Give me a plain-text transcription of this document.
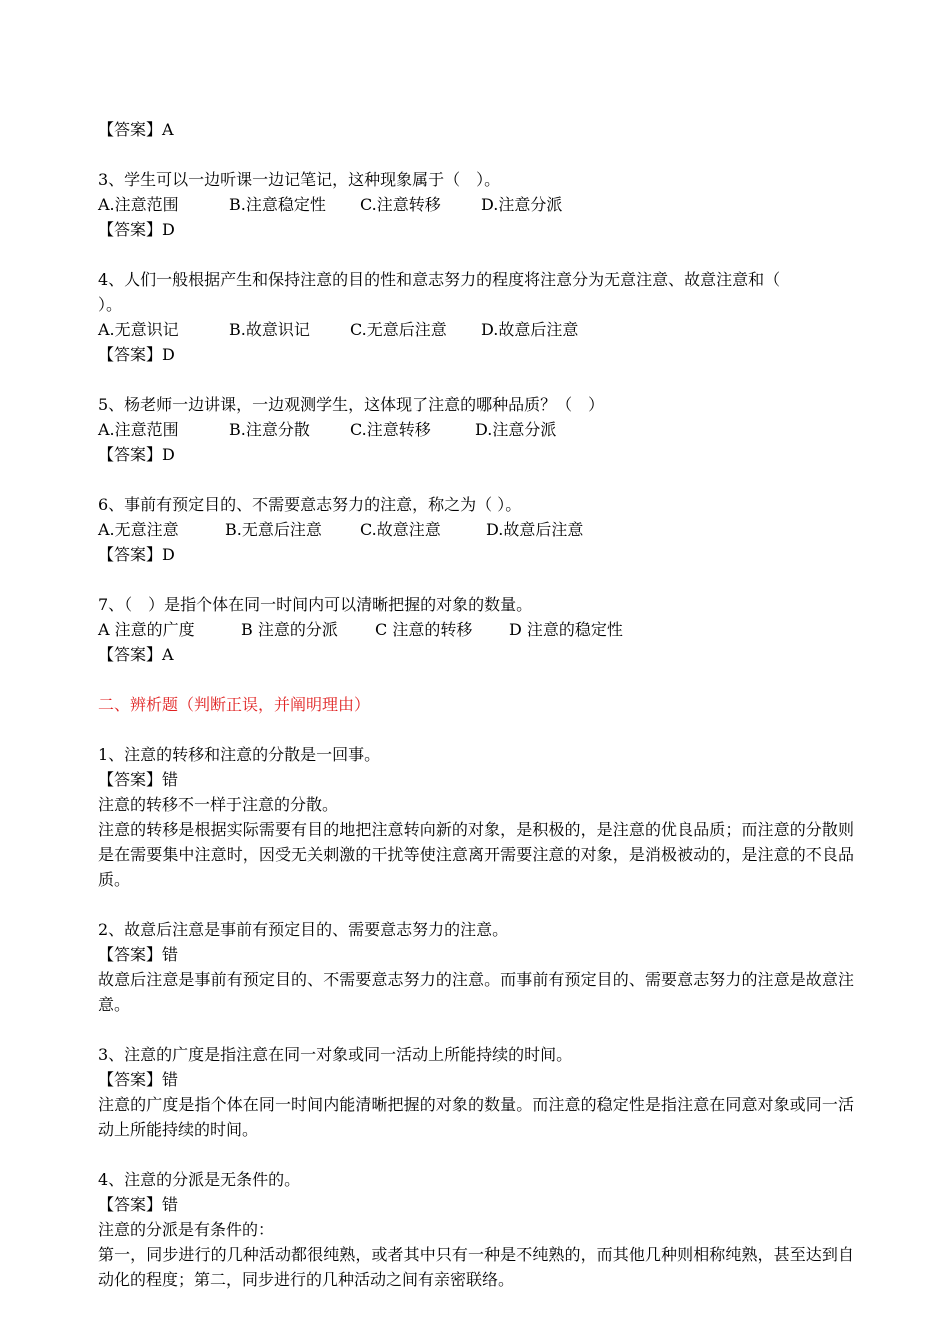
【答案】A
3、学生可以一边听课一边记笔记，这种现象属于（　）。
A.注意范围	B.注意稳定性	C.注意转移	D.注意分派
【答案】D
4、人们一般根据产生和保持注意的目的性和意志努力的程度将注意分为无意注意、故意注意和（
）。
A.无意识记	B.故意识记	C.无意后注意	D.故意后注意
【答案】D
5、杨老师一边讲课，一边观测学生，这体现了注意的哪种品质？（　）
A.注意范围	B.注意分散	C.注意转移	D.注意分派
【答案】D
6、事前有预定目的、不需要意志努力的注意，称之为（ ）。
A.无意注意	B.无意后注意	C.故意注意	D.故意后注意
【答案】D
7、（　）是指个体在同一时间内可以清晰把握的对象的数量。
A 注意的广度	B 注意的分派	C 注意的转移	D 注意的稳定性
【答案】A
二、辨析题（判断正误，并阐明理由）
1、注意的转移和注意的分散是一回事。
【答案】错
注意的转移不一样于注意的分散。
注意的转移是根据实际需要有目的地把注意转向新的对象，是积极的，是注意的优良品质；而注意的分散则是在需要集中注意时，因受无关刺激的干扰等使注意离开需要注意的对象，是消极被动的，是注意的不良品质。
2、故意后注意是事前有预定目的、需要意志努力的注意。
【答案】错
故意后注意是事前有预定目的、不需要意志努力的注意。而事前有预定目的、需要意志努力的注意是故意注意。
3、注意的广度是指注意在同一对象或同一活动上所能持续的时间。
【答案】错
注意的广度是指个体在同一时间内能清晰把握的对象的数量。而注意的稳定性是指注意在同意对象或同一活动上所能持续的时间。
4、注意的分派是无条件的。
【答案】错
注意的分派是有条件的：
第一，同步进行的几种活动都很纯熟，或者其中只有一种是不纯熟的，而其他几种则相称纯熟，甚至达到自动化的程度；第二，同步进行的几种活动之间有亲密联络。
